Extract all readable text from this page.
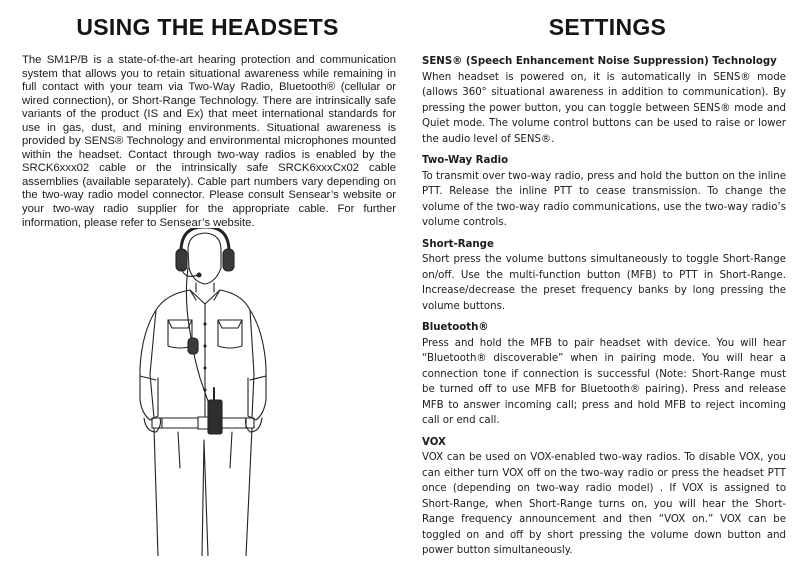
USING THE HEADSETS

The SM1P/B is a state-of-the-art hearing protection and communication system that allows you to retain situational awareness while remaining in full contact with your team via Two-Way Radio, Bluetooth® (cellular or wired connection), or Short-Range Technology. There are intrinsically safe variants of the product (IS and Ex) that meet international standards for use in gas, dust, and mining environments. Situational awareness is provided by SENS® Technology and environmental microphones mounted within the headset. Contact through two-way radios is enabled by the SRCK6xxx02 cable or the intrinsically safe SRCK6xxxCx02 cable assemblies (available separately). Cable part numbers vary depending on the two-way radio model connector. Please consult Sensear’s website or your two-way radio supplier for the appropriate cable. For further information, please refer to Sensear’s website.

SETTINGS
SENS® (Speech Enhancement Noise Suppression) Technology

When headset is powered on, it is automatically in SENS® mode (allows 360° situational awareness in addition to communication). By pressing the power button, you can toggle between SENS® mode and Quiet mode. The volume control buttons can be used to raise or lower the audio level of SENS®.

Two-Way Radio

To transmit over two-way radio, press and hold the button on the inline PTT. Release the inline PTT to cease transmission. To change the volume of the two-way radio communications, use the two-way radio’s volume controls.

Short-Range

Short press the volume buttons simultaneously to toggle Short-Range on/off. Use the multi-function button (MFB) to PTT in Short-Range. Increase/decrease the preset frequency banks by long pressing the volume buttons.

Bluetooth®

Press and hold the MFB to pair headset with device. You will hear “Bluetooth® discoverable” when in pairing mode. You will hear a connection tone if connection is successful (Note: Short-Range must be turned off to use MFB for Bluetooth® pairing). Press and release MFB to answer incoming call; press and hold MFB to reject incoming call or end call.

VOX

VOX can be used on VOX-enabled two-way radios. To disable VOX, you can either turn VOX off on the two-way radio or press the headset PTT once (depending on two-way radio model) . If VOX is assigned to Short-Range, when Short-Range turns on, you will hear the Short-Range frequency announcement and then “VOX on.” VOX can be toggled on and off by short pressing the volume down button and power button simultaneously.
